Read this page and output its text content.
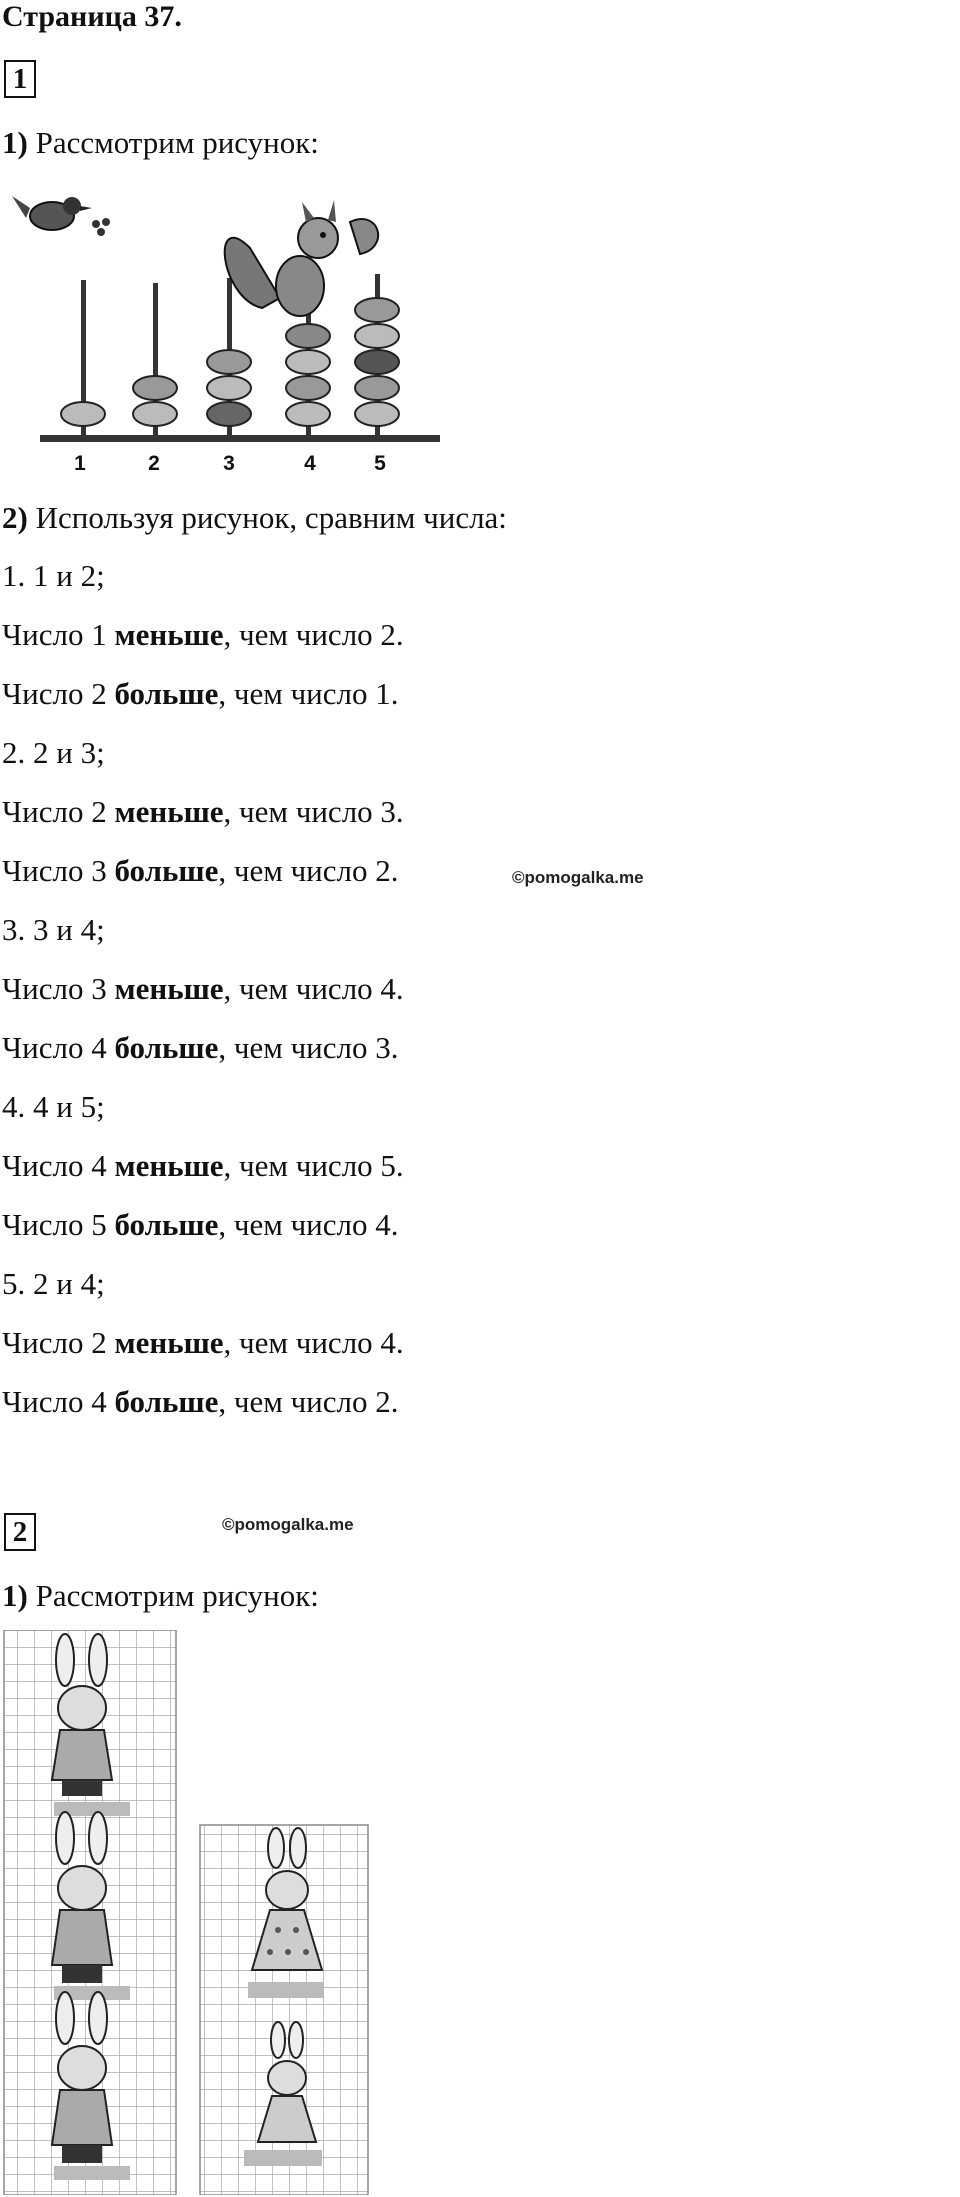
Страница 37.
1
1) Рассмотрим рисунок:
1	2	3	4	5
2) Используя рисунок, сравним числа:
1. 1 и 2;
Число 1 меньше, чем число 2.
Число 2 больше, чем число 1.
2. 2 и 3;
Число 2 меньше, чем число 3.
Число 3 больше, чем число 2.	©pomogalka.me
3. 3 и 4;
Число 3 меньше, чем число 4.
Число 4 больше, чем число 3.
4. 4 и 5;
Число 4 меньше, чем число 5.
Число 5 больше, чем число 4.
5. 2 и 4;
Число 2 меньше, чем число 4.
Число 4 больше, чем число 2.
2	©pomogalka.me
1) Рассмотрим рисунок:
